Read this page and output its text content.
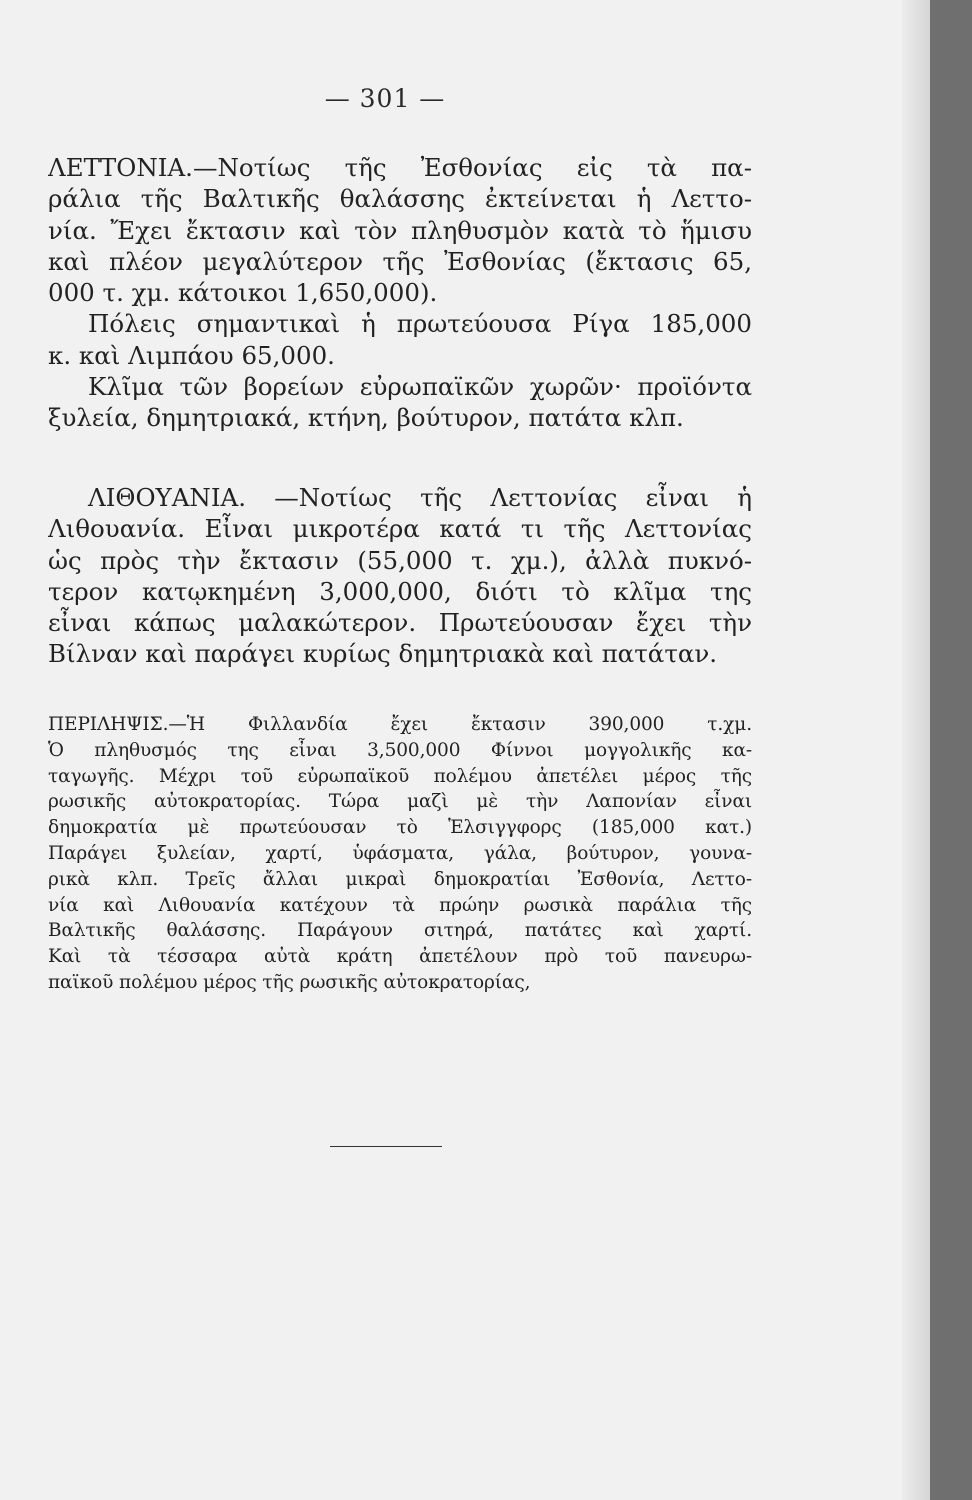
— 301 —
ΛΕΤΤΟΝΙΑ.—Νοτίως τῆς Ἐσθονίας εἰς τὰ πα-
ράλια τῆς Βαλτικῆς θαλάσσης ἐκτείνεται ἡ Λεττο-
νία. Ἔχει ἔκτασιν καὶ τὸν πληθυσμὸν κατὰ τὸ ἥμισυ
καὶ πλέον μεγαλύτερον τῆς Ἐσθονίας (ἔκτασις 65,
000 τ. χμ. κάτοικοι 1,650,000).
Πόλεις σημαντικαὶ ἡ πρωτεύουσα Ρίγα 185,000
κ. καὶ Λιμπάου 65,000.
Κλῖμα τῶν βορείων εὐρωπαϊκῶν χωρῶν· προϊόντα
ξυλεία, δημητριακά, κτήνη, βούτυρον, πατάτα κλπ.
ΛΙΘΟΥΑΝΙΑ. —Νοτίως τῆς Λεττονίας εἶναι ἡ
Λιθουανία. Εἶναι μικροτέρα κατά τι τῆς Λεττονίας
ὡς πρὸς τὴν ἔκτασιν (55,000 τ. χμ.), ἀλλὰ πυκνό-
τερον κατῳκημένη 3,000,000, διότι τὸ κλῖμα της
εἶναι κάπως μαλακώτερον. Πρωτεύουσαν ἔχει τὴν
Βίλναν καὶ παράγει κυρίως δημητριακὰ καὶ πατάταν.
ΠΕΡΙΛΗΨΙΣ.—Ἡ Φιλλανδία ἔχει ἔκτασιν 390,000 τ.χμ.
Ὁ πληθυσμός της εἶναι 3,500,000 Φίννοι μογγολικῆς κα-
ταγωγῆς. Μέχρι τοῦ εὐρωπαϊκοῦ πολέμου ἀπετέλει μέρος τῆς
ρωσικῆς αὐτοκρατορίας. Τώρα μαζὶ μὲ τὴν Λαπονίαν εἶναι
δημοκρατία μὲ πρωτεύουσαν τὸ Ἑλσιγγφορς (185,000 κατ.)
Παράγει ξυλείαν, χαρτί, ὑφάσματα, γάλα, βούτυρον, γουνα-
ρικὰ κλπ. Τρεῖς ἄλλαι μικραὶ δημοκρατίαι Ἐσθονία, Λεττο-
νία καὶ Λιθουανία κατέχουν τὰ πρώην ρωσικὰ παράλια τῆς
Βαλτικῆς θαλάσσης. Παράγουν σιτηρά, πατάτες καὶ χαρτί.
Καὶ τὰ τέσσαρα αὐτὰ κράτη ἀπετέλουν πρὸ τοῦ πανευρω-
παϊκοῦ πολέμου μέρος τῆς ρωσικῆς αὐτοκρατορίας,
